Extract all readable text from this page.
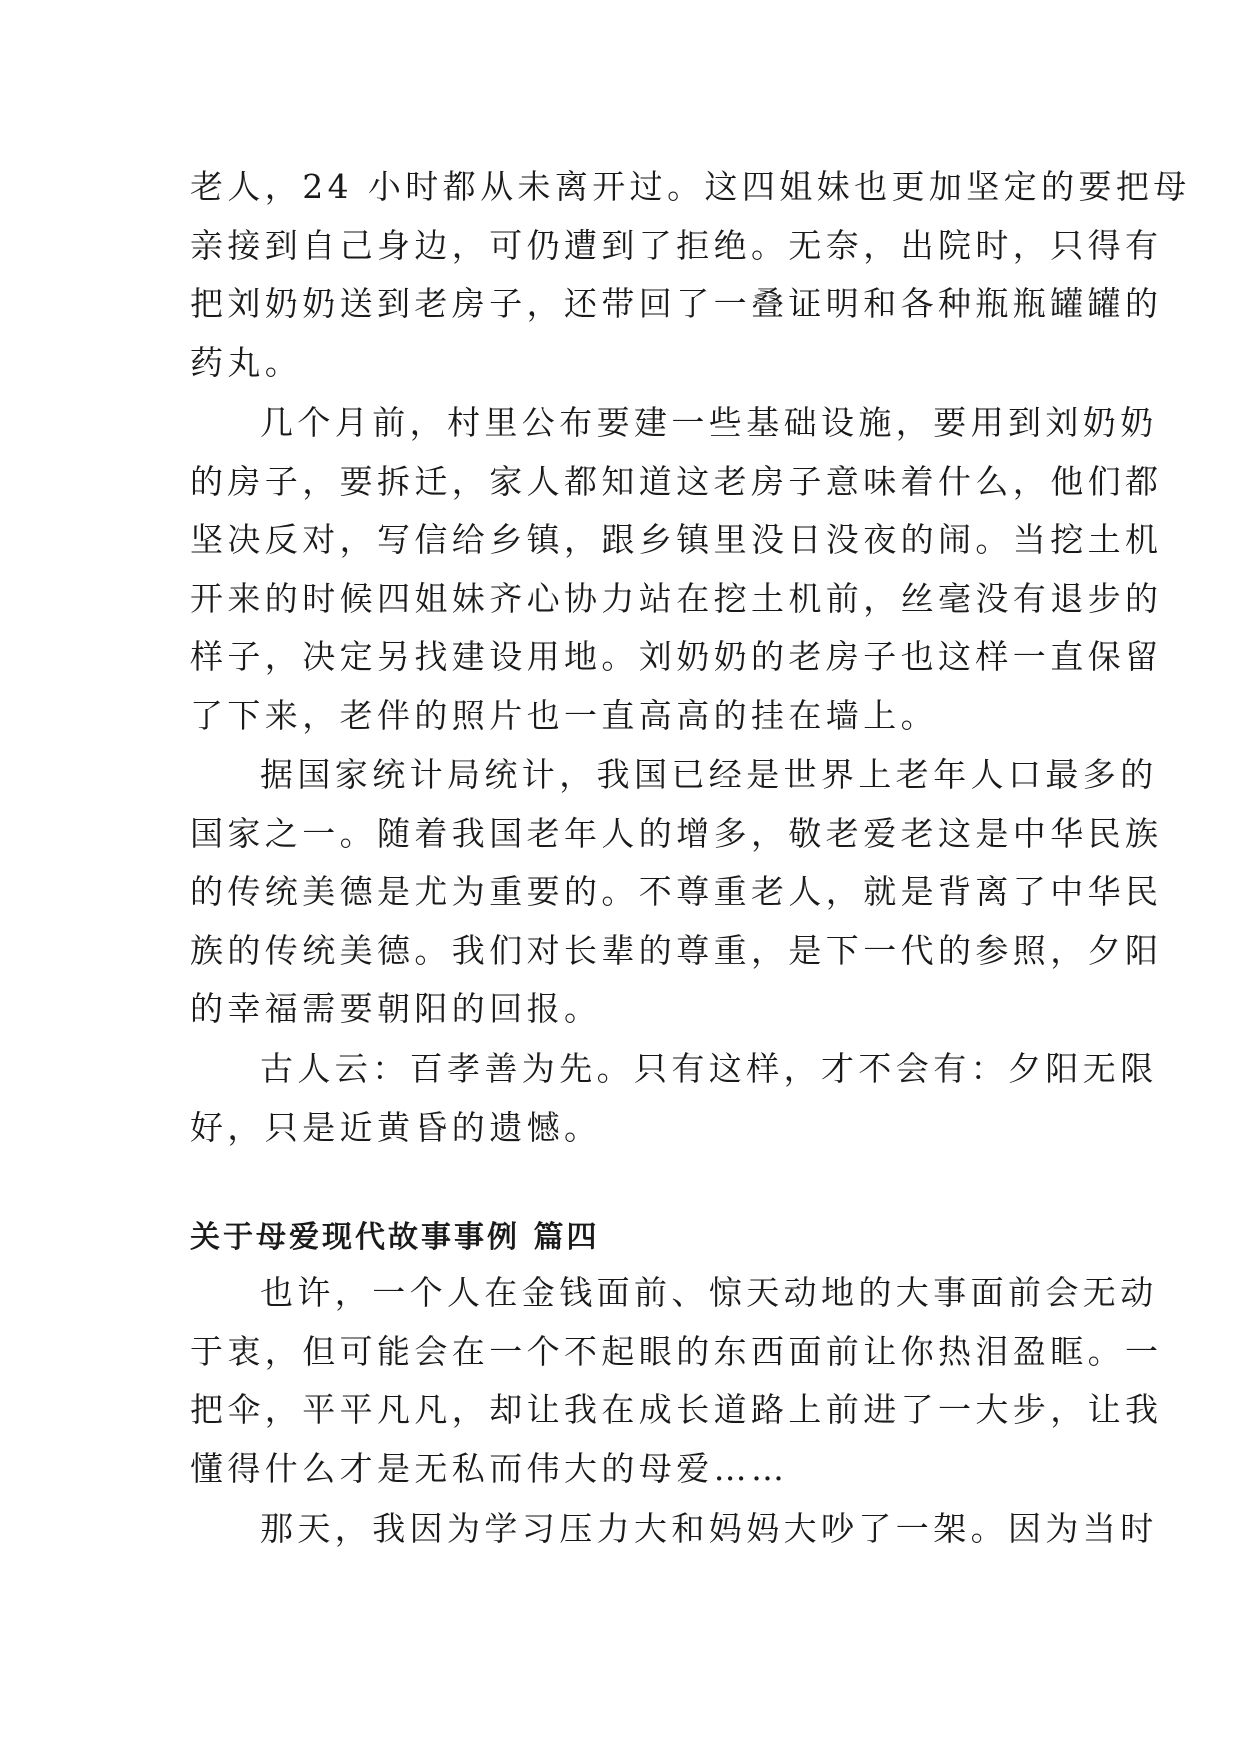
老人，24 小时都从未离开过。这四姐妹也更加坚定的要把母
亲接到自己身边，可仍遭到了拒绝。无奈，出院时，只得有
把刘奶奶送到老房子，还带回了一叠证明和各种瓶瓶罐罐的
药丸。

几个月前，村里公布要建一些基础设施，要用到刘奶奶
的房子，要拆迁，家人都知道这老房子意味着什么，他们都
坚决反对，写信给乡镇，跟乡镇里没日没夜的闹。当挖土机
开来的时候四姐妹齐心协力站在挖土机前，丝毫没有退步的
样子，决定另找建设用地。刘奶奶的老房子也这样一直保留
了下来，老伴的照片也一直高高的挂在墙上。

据国家统计局统计，我国已经是世界上老年人口最多的
国家之一。随着我国老年人的增多，敬老爱老这是中华民族
的传统美德是尤为重要的。不尊重老人，就是背离了中华民
族的传统美德。我们对长辈的尊重，是下一代的参照，夕阳
的幸福需要朝阳的回报。

古人云：百孝善为先。只有这样，才不会有：夕阳无限
好，只是近黄昏的遗憾。

关于母爱现代故事事例 篇四

也许，一个人在金钱面前、惊天动地的大事面前会无动
于衷，但可能会在一个不起眼的东西面前让你热泪盈眶。一
把伞，平平凡凡，却让我在成长道路上前进了一大步，让我
懂得什么才是无私而伟大的母爱……

那天，我因为学习压力大和妈妈大吵了一架。因为当时
